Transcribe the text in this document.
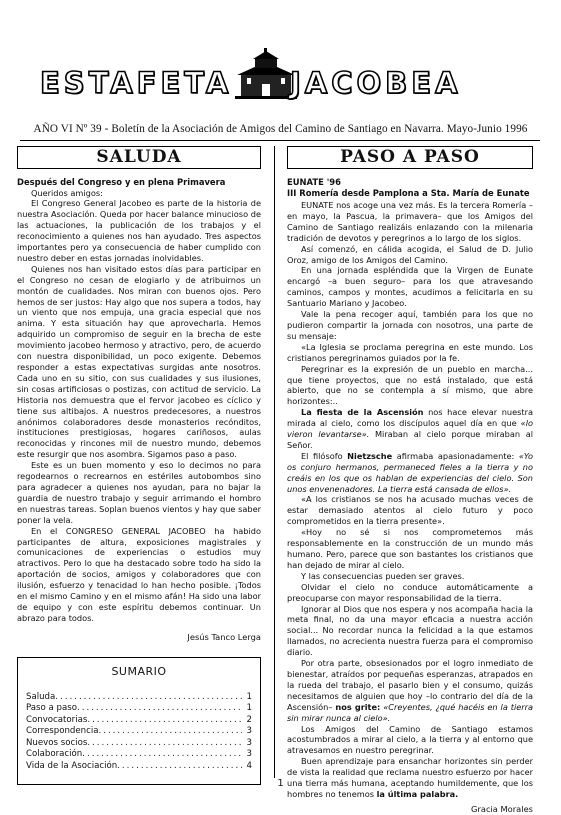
ESTAFETA JACOBEA
AÑO VI Nº 39 - Boletín de la Asociación de Amigos del Camino de Santiago en Navarra. Mayo-Junio 1996
SALUDA
Después del Congreso y en plena Primavera

Queridos amigos:

El Congreso General Jacobeo es parte de la historia de nuestra Asociación. Queda por hacer balance minucioso de las actuaciones, la publicación de los trabajos y el reconocimiento a quienes nos han ayudado. Tres aspectos importantes pero ya consecuencia de haber cumplido con nuestro deber en estas jornadas inolvidables.

Quienes nos han visitado estos días para participar en el Congreso no cesan de elogiarlo y de atribuirnos un montón de cualidades. Nos miran con buenos ojos. Pero hemos de ser justos: Hay algo que nos supera a todos, hay un viento que nos empuja, una gracia especial que nos anima. Y esta situación hay que aprovecharla. Hemos adquirido un compromiso de seguir en la brecha de este movimiento jacobeo hermoso y atractivo, pero, de acuerdo con nuestra disponibilidad, un poco exigente. Debemos responder a estas expectativas surgidas ante nosotros. Cada uno en su sitio, con sus cualidades y sus ilusiones, sin cosas artificiosas o postizas, con actitud de servicio. La Historia nos demuestra que el fervor jacobeo es cíclico y tiene sus altibajos. A nuestros predecesores, a nuestros anónimos colaboradores desde monasterios recónditos, instituciones prestigiosas, hogares cariñosos, aulas reconocidas y rincones mil de nuestro mundo, debemos este resurgir que nos asombra. Sigamos paso a paso.

Este es un buen momento y eso lo decimos no para regodearnos o recrearnos en estériles autobombos sino para agradecer a quienes nos ayudan, para no bajar la guardia de nuestro trabajo y seguir arrimando el hombro en nuestras tareas. Soplan buenos vientos y hay que saber poner la vela.

En el CONGRESO GENERAL JACOBEO ha habido participantes de altura, exposiciones magistrales y comunicaciones de experiencias o estudios muy atractivos. Pero lo que ha destacado sobre todo ha sido la aportación de socios, amigos y colaboradores que con ilusión, esfuerzo y tenacidad lo han hecho posible. ¡Todos en el mismo Camino y en el mismo afán! Ha sido una labor de equipo y con este espíritu debemos continuar. Un abrazo para todos.

Jesús Tanco Lerga
SUMARIO
Saluda .....	1
Paso a paso .....	1
Convocatorias .....	2
Correspondencia .....	3
Nuevos socios .....	3
Colaboración .....	3
Vida de la Asociación .....	4
PASO A PASO
EUNATE '96
III Romería desde Pamplona a Sta. María de Eunate

EUNATE nos acoge una vez más. Es la tercera Romería –en mayo, la Pascua, la primavera– que los Amigos del Camino de Santiago realizáis enlazando con la milenaria tradición de devotos y peregrinos a lo largo de los siglos.

Así comenzó, en cálida acogida, el Salud de D. Julio Oroz, amigo de los Amigos del Camino.

En una jornada espléndida que la Virgen de Eunate encargó –a buen seguro– para los que atravesando caminos, campos y montes, acudimos a felicitarla en su Santuario Mariano y Jacobeo.

Vale la pena recoger aquí, también para los que no pudieron compartir la jornada con nosotros, una parte de su mensaje:

«La Iglesia se proclama peregrina en este mundo. Los cristianos peregrinamos guiados por la fe.

Peregrinar es la expresión de un pueblo en marcha... que tiene proyectos, que no está instalado, que está abierto, que no se contempla a sí mismo, que abre horizontes:..

La fiesta de la Ascensión nos hace elevar nuestra mirada al cielo, como los discípulos aquel día en que «lo vieron levantarse». Miraban al cielo porque miraban al Señor.

El filósofo Nietzsche afirmaba apasionadamente: «Yo os conjuro hermanos, permaneced fieles a la tierra y no creáis en los que os hablan de experiencias del cielo. Son unos envenenadores. La tierra está cansada de ellos».

«A los cristianos se nos ha acusado muchas veces de estar demasiado atentos al cielo futuro y poco comprometidos en la tierra presente».

«Hoy no sé si nos comprometemos más responsablemente en la construcción de un mundo más humano. Pero, parece que son bastantes los cristianos que han dejado de mirar al cielo.

Y las consecuencias pueden ser graves.

Olvidar el cielo no conduce automáticamente a preocuparse con mayor responsabilidad de la tierra.

Ignorar al Dios que nos espera y nos acompaña hacia la meta final, no da una mayor eficacia a nuestra acción social... No recordar nunca la felicidad a la que estamos llamados, no acrecienta nuestra fuerza para el compromiso diario.

Por otra parte, obsesionados por el logro inmediato de bienestar, atraídos por pequeñas esperanzas, atrapados en la rueda del trabajo, el pasarlo bien y el consumo, quizás necesitamos de alguien que hoy –lo contrario del día de la Ascensión– nos grite: «Creyentes, ¿qué hacéis en la tierra sin mirar nunca al cielo».

Los Amigos del Camino de Santiago estamos acostumbrados a mirar al cielo, a la tierra y al entorno que atravesamos en nuestro peregrinar.

Buen aprendizaje para ensanchar horizontes sin perder de vista la realidad que reclama nuestro esfuerzo por hacer una tierra más humana, aceptando humildemente, que los hombres no tenemos la última palabra.

Gracia Morales
1
